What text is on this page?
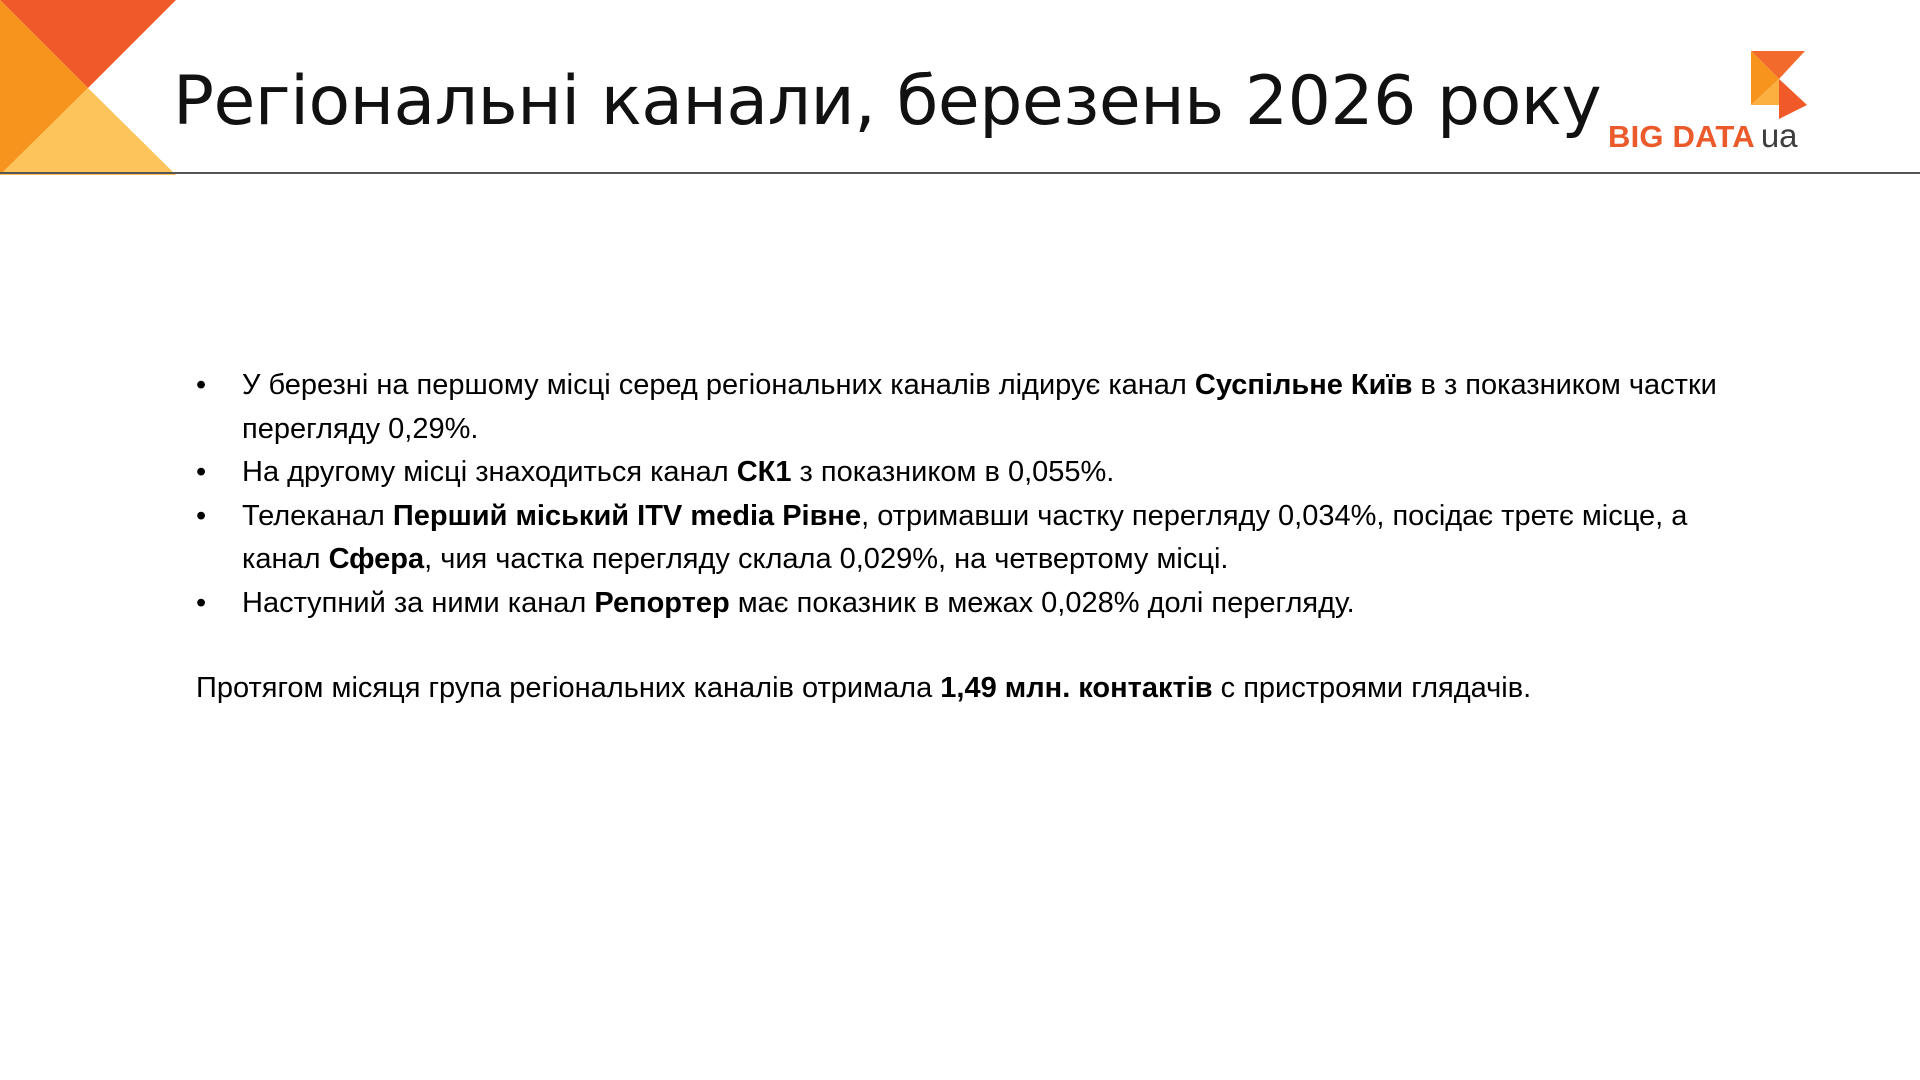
Регіональні канали, березень 2026 року BIG DATA ua
•	У березні на першому місці серед регіональних каналів лідирує канал Суспільне Київ в з показником частки перегляду 0,29%.
•	На другому місці знаходиться канал СК1 з показником в 0,055%.
•	Телеканал Перший міський ITV media Рівне, отримавши частку перегляду 0,034%, посідає третє місце, а канал Сфера, чия частка перегляду склала 0,029%, на четвертому місці.
•	Наступний за ними канал Репортер має показник в межах 0,028% долі перегляду.

Протягом місяця група регіональних каналів отримала 1,49 млн. контактів с пристроями глядачів.
